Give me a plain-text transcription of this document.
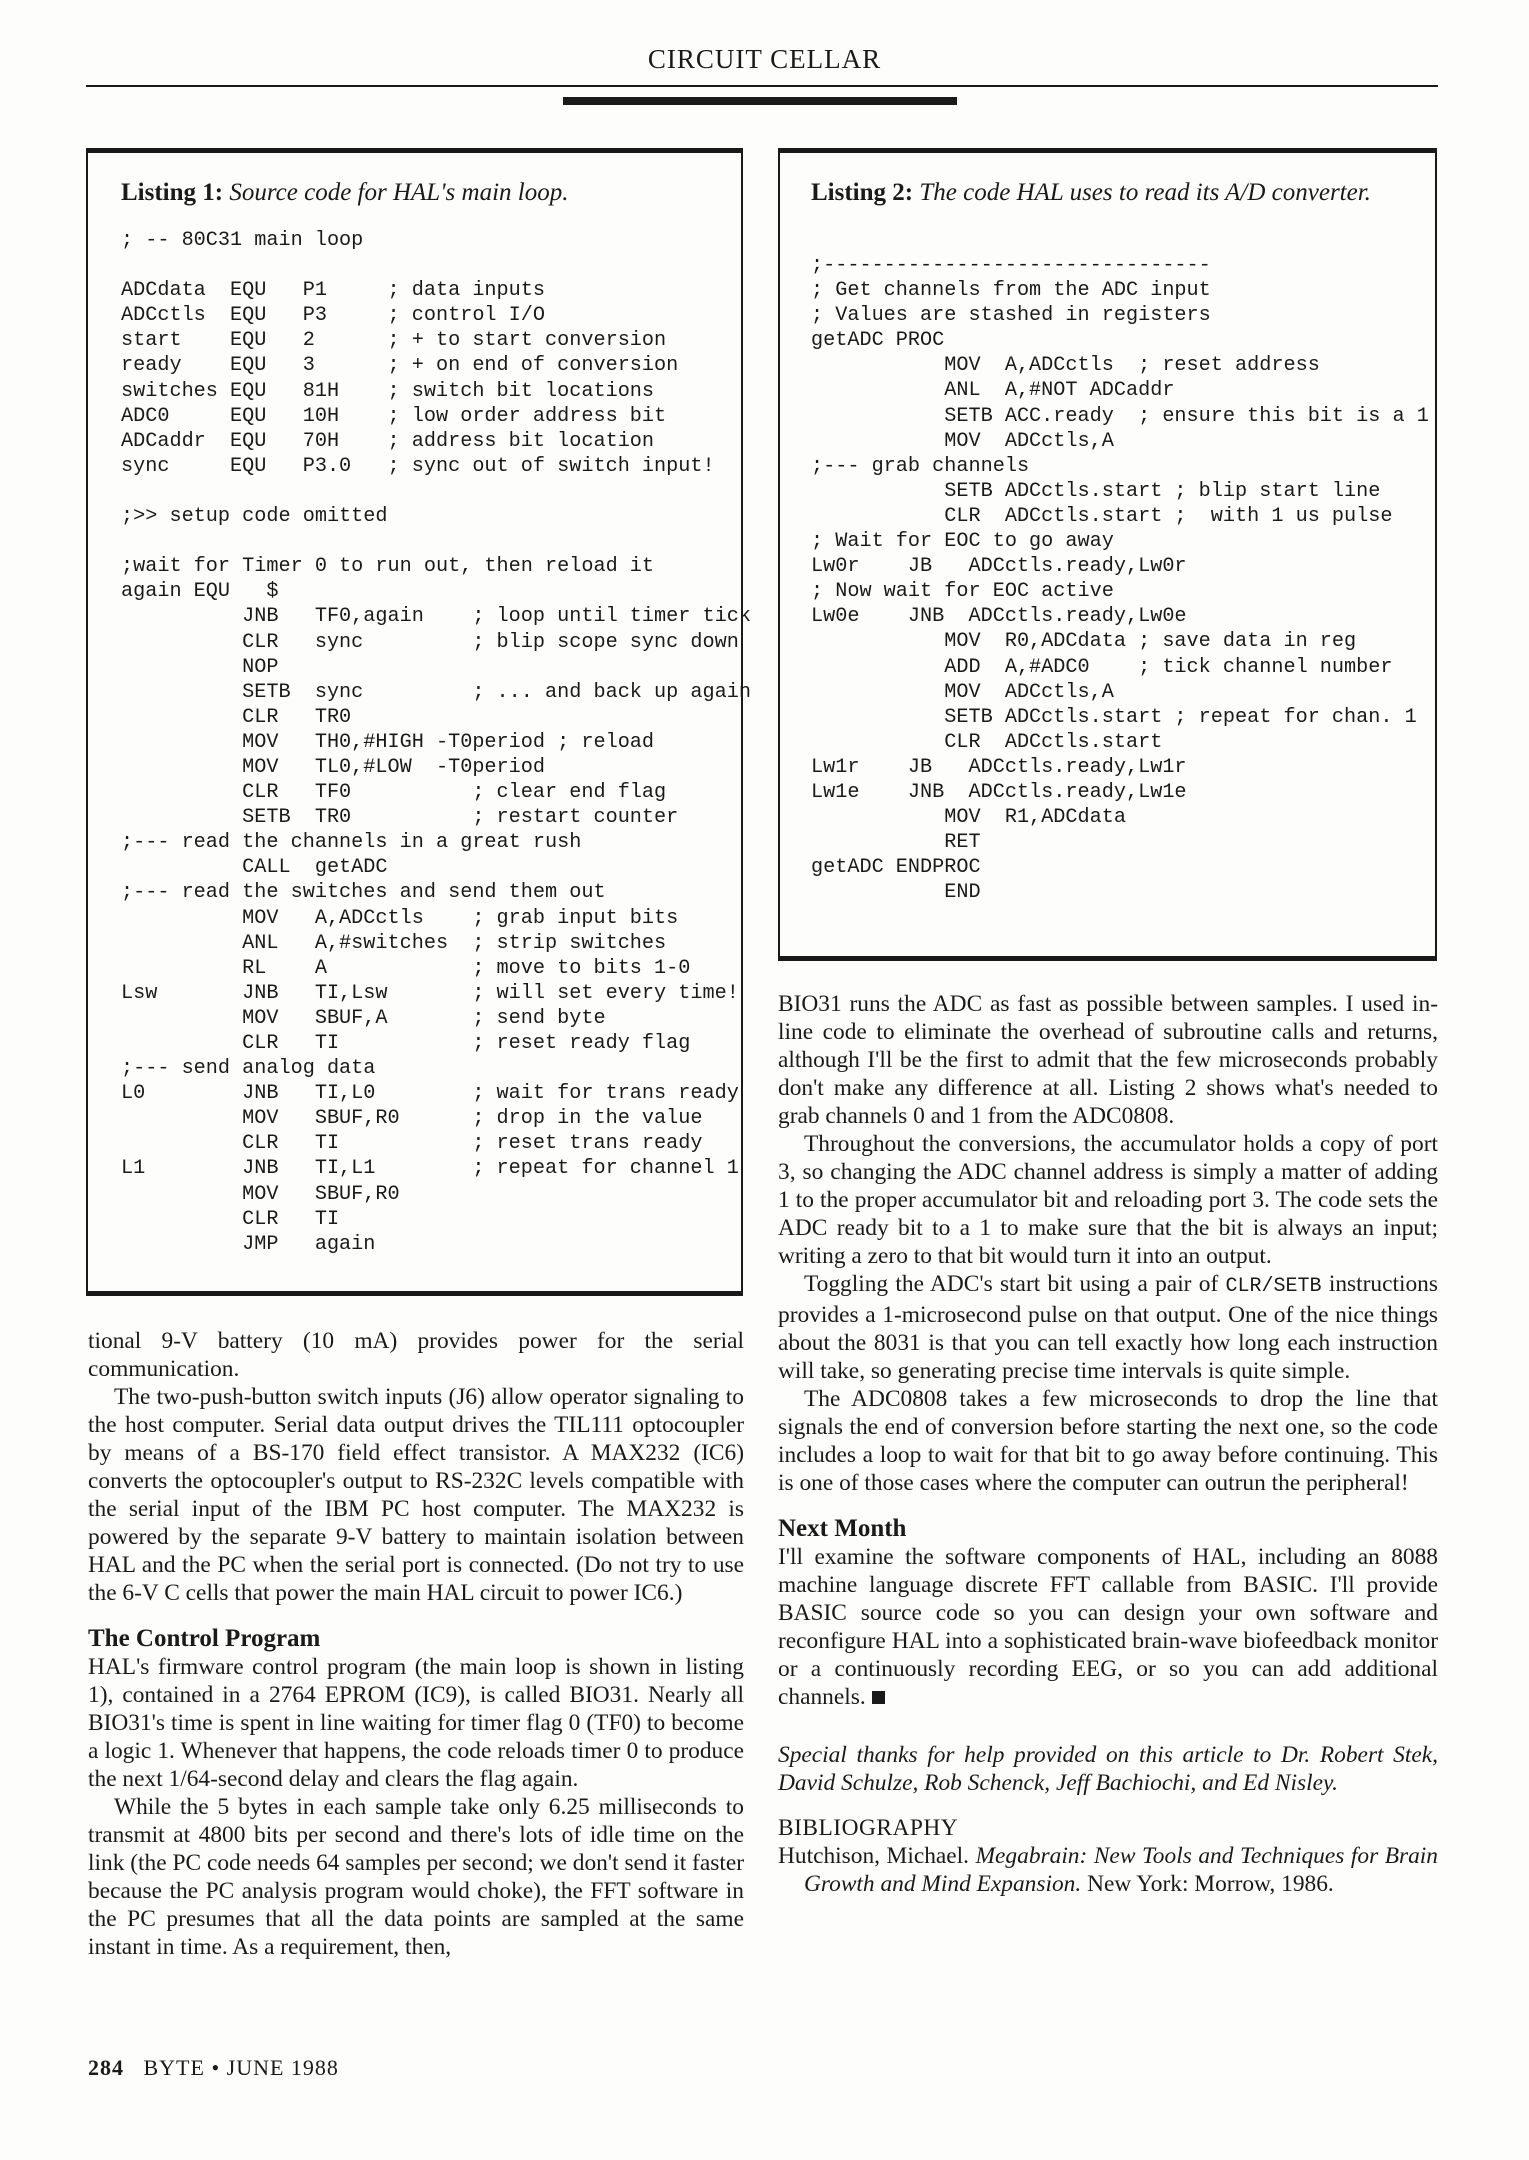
CIRCUIT CELLAR
Listing 1: Source code for HAL's main loop.
; -- 80C31 main loop

ADCdata  EQU   P1     ; data inputs
ADCctls  EQU   P3     ; control I/O
start    EQU   2      ; + to start conversion
ready    EQU   3      ; + on end of conversion
switches EQU   81H    ; switch bit locations
ADC0     EQU   10H    ; low order address bit
ADCaddr  EQU   70H    ; address bit location
sync     EQU   P3.0   ; sync out of switch input!

;>> setup code omitted

;wait for Timer 0 to run out, then reload it
again EQU   $
JNB   TF0,again    ; loop until timer tick
CLR   sync         ; blip scope sync down
NOP
SETB  sync         ; ... and back up again
CLR   TR0
MOV   TH0,#HIGH -T0period ; reload
MOV   TL0,#LOW  -T0period
CLR   TF0          ; clear end flag
SETB  TR0          ; restart counter
;--- read the channels in a great rush
CALL  getADC
;--- read the switches and send them out
MOV   A,ADCctls    ; grab input bits
ANL   A,#switches  ; strip switches
RL    A            ; move to bits 1-0
Lsw       JNB   TI,Lsw       ; will set every time!
MOV   SBUF,A       ; send byte
CLR   TI           ; reset ready flag
;--- send analog data
L0        JNB   TI,L0        ; wait for trans ready
MOV   SBUF,R0      ; drop in the value
CLR   TI           ; reset trans ready
L1        JNB   TI,L1        ; repeat for channel 1
MOV   SBUF,R0
CLR   TI
JMP   again
Listing 2: The code HAL uses to read its A/D converter.
;--------------------------------
; Get channels from the ADC input
; Values are stashed in registers
getADC PROC
MOV  A,ADCctls  ; reset address
ANL  A,#NOT ADCaddr
SETB ACC.ready  ; ensure this bit is a 1
MOV  ADCctls,A
;--- grab channels
SETB ADCctls.start ; blip start line
CLR  ADCctls.start ;  with 1 us pulse
; Wait for EOC to go away
Lw0r    JB   ADCctls.ready,Lw0r
; Now wait for EOC active
Lw0e    JNB  ADCctls.ready,Lw0e
MOV  R0,ADCdata ; save data in reg
ADD  A,#ADC0    ; tick channel number
MOV  ADCctls,A
SETB ADCctls.start ; repeat for chan. 1
CLR  ADCctls.start
Lw1r    JB   ADCctls.ready,Lw1r
Lw1e    JNB  ADCctls.ready,Lw1e
MOV  R1,ADCdata
RET
getADC ENDPROC
END

tional 9-V battery (10 mA) provides power for the serial communication.

The two-push-button switch inputs (J6) allow operator signaling to the host computer. Serial data output drives the TIL111 optocoupler by means of a BS-170 field effect transistor. A MAX232 (IC6) converts the optocoupler's output to RS-232C levels compatible with the serial input of the IBM PC host computer. The MAX232 is powered by the separate 9-V battery to maintain isolation between HAL and the PC when the serial port is connected. (Do not try to use the 6-V C cells that power the main HAL circuit to power IC6.)

The Control Program

HAL's firmware control program (the main loop is shown in listing 1), contained in a 2764 EPROM (IC9), is called BIO31. Nearly all BIO31's time is spent in line waiting for timer flag 0 (TF0) to become a logic 1. Whenever that happens, the code reloads timer 0 to produce the next 1/64-second delay and clears the flag again.

While the 5 bytes in each sample take only 6.25 milliseconds to transmit at 4800 bits per second and there's lots of idle time on the link (the PC code needs 64 samples per second; we don't send it faster because the PC analysis program would choke), the FFT software in the PC presumes that all the data points are sampled at the same instant in time. As a requirement, then,

BIO31 runs the ADC as fast as possible between samples. I used in-line code to eliminate the overhead of subroutine calls and returns, although I'll be the first to admit that the few microseconds probably don't make any difference at all. Listing 2 shows what's needed to grab channels 0 and 1 from the ADC0808.

Throughout the conversions, the accumulator holds a copy of port 3, so changing the ADC channel address is simply a matter of adding 1 to the proper accumulator bit and reloading port 3. The code sets the ADC ready bit to a 1 to make sure that the bit is always an input; writing a zero to that bit would turn it into an output.

Toggling the ADC's start bit using a pair of CLR/SETB instructions provides a 1-microsecond pulse on that output. One of the nice things about the 8031 is that you can tell exactly how long each instruction will take, so generating precise time intervals is quite simple.

The ADC0808 takes a few microseconds to drop the line that signals the end of conversion before starting the next one, so the code includes a loop to wait for that bit to go away before continuing. This is one of those cases where the computer can outrun the peripheral!

Next Month

I'll examine the software components of HAL, including an 8088 machine language discrete FFT callable from BASIC. I'll provide BASIC source code so you can design your own software and reconfigure HAL into a sophisticated brain-wave biofeedback monitor or a continuously recording EEG, or so you can add additional channels.

Special thanks for help provided on this article to Dr. Robert Stek, David Schulze, Rob Schenck, Jeff Bachiochi, and Ed Nisley.

BIBLIOGRAPHY

Hutchison, Michael. Megabrain: New Tools and Techniques for Brain Growth and Mind Expansion. New York: Morrow, 1986.

284 BYTE • JUNE 1988
